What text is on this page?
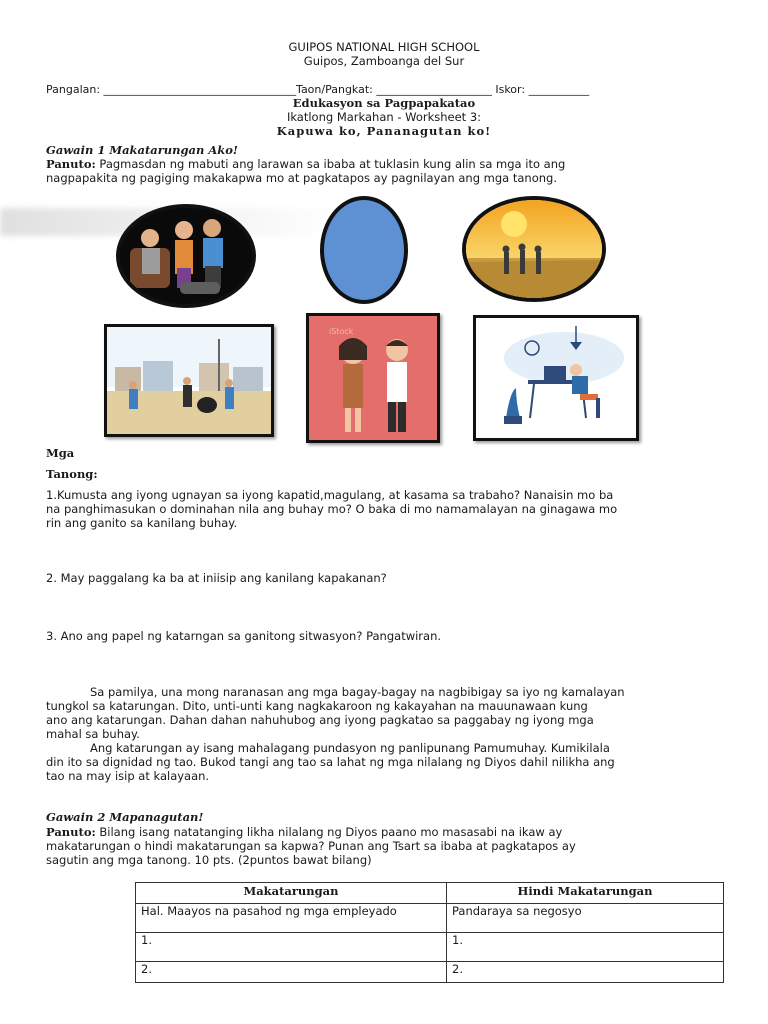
GUIPOS NATIONAL HIGH SCHOOL
Guipos, Zamboanga del Sur
Pangalan: ___________________________________Taon/Pangkat: _____________________ Iskor: ___________
Edukasyon sa Pagpapakatao
Ikatlong Markahan - Worksheet 3:
Kapuwa ko, Pananagutan ko!
Gawain 1 Makatarungan Ako!
Panuto: Pagmasdan ng mabuti ang larawan sa ibaba at tuklasin kung alin sa mga ito ang
nagpapakita ng pagiging makakapwa mo at pagkatapos ay pagnilayan ang mga tanong.
iStock
Mga
Tanong:
1.Kumusta ang iyong ugnayan sa iyong kapatid,magulang, at kasama sa trabaho? Nanaisin mo ba
na panghimasukan o dominahan nila ang buhay mo? O baka di mo namamalayan na ginagawa mo
rin ang ganito sa kanilang buhay.
2. May paggalang ka ba at iniisip ang kanilang kapakanan?
3. Ano ang papel ng katarngan sa ganitong sitwasyon? Pangatwiran.
Sa pamilya, una mong naranasan ang mga bagay-bagay na nagbibigay sa iyo ng kamalayan
tungkol sa katarungan. Dito, unti-unti kang nagkakaroon ng kakayahan na mauunawaan kung
ano ang katarungan. Dahan dahan nahuhubog ang iyong pagkatao sa paggabay ng iyong mga
mahal sa buhay.
Ang katarungan ay isang mahalagang pundasyon ng panlipunang Pamumuhay. Kumikilala
din ito sa dignidad ng tao. Bukod tangi ang tao sa lahat ng mga nilalang ng Diyos dahil nilikha ang
tao na may isip at kalayaan.
Gawain 2 Mapanagutan!
Panuto: Bilang isang natatanging likha nilalang ng Diyos paano mo masasabi na ikaw ay
makatarungan o hindi makatarungan sa kapwa? Punan ang Tsart sa ibaba at pagkatapos ay
sagutin ang mga tanong. 10 pts. (2puntos bawat bilang)
Makatarungan	Hindi Makatarungan
Hal. Maayos na pasahod ng mga empleyado	Pandaraya sa negosyo
1.	1.
2.	2.
